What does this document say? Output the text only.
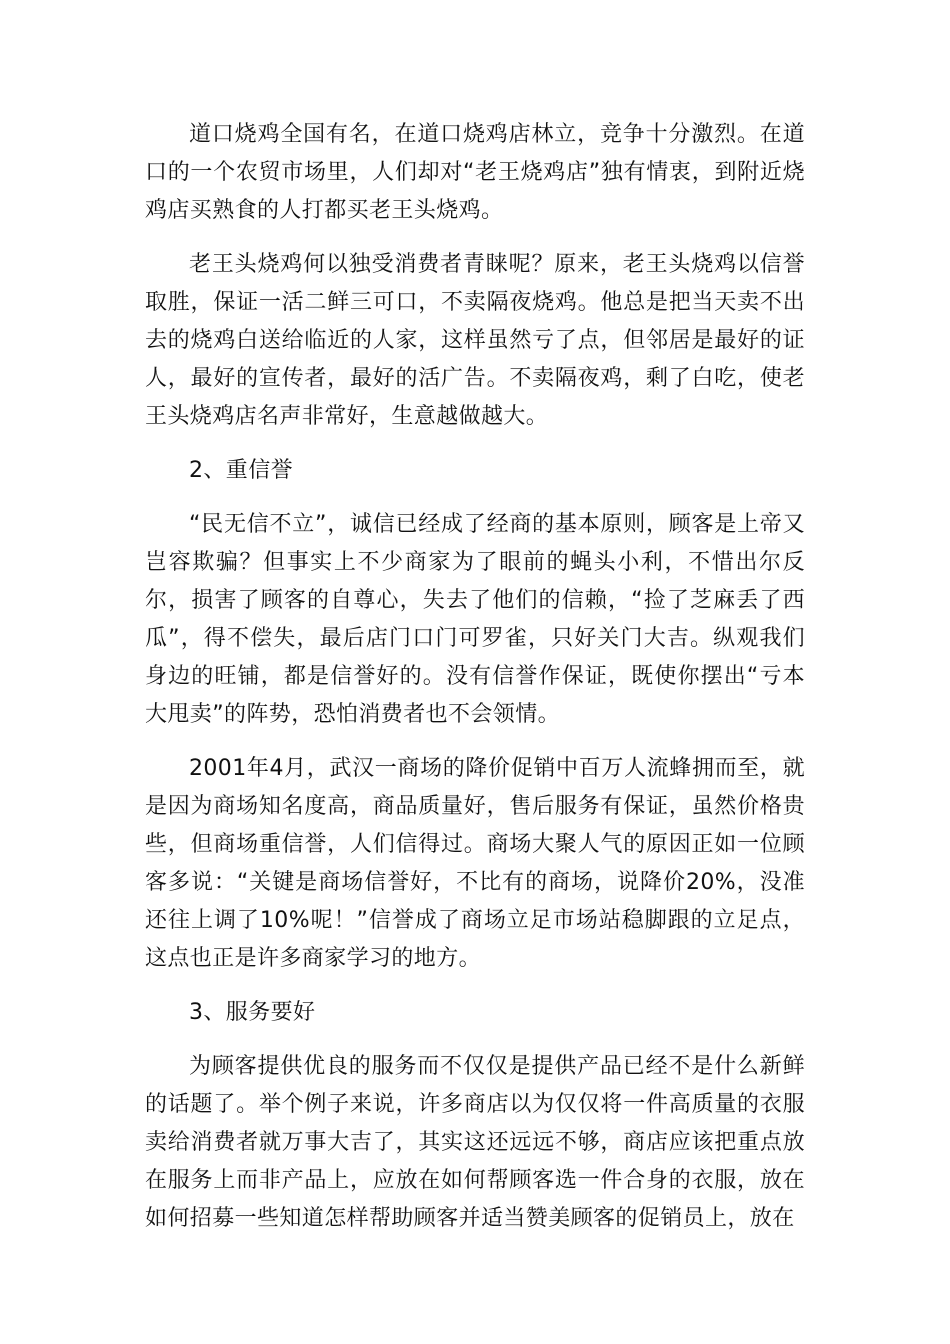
道口烧鸡全国有名，在道口烧鸡店林立，竞争十分激烈。在道口的一个农贸市场里，人们却对“老王烧鸡店”独有情衷，到附近烧鸡店买熟食的人打都买老王头烧鸡。

老王头烧鸡何以独受消费者青睐呢？原来，老王头烧鸡以信誉取胜，保证一活二鲜三可口，不卖隔夜烧鸡。他总是把当天卖不出去的烧鸡白送给临近的人家，这样虽然亏了点，但邻居是最好的证人，最好的宣传者，最好的活广告。不卖隔夜鸡，剩了白吃，使老王头烧鸡店名声非常好，生意越做越大。

2、重信誉

“民无信不立”，诚信已经成了经商的基本原则，顾客是上帝又岂容欺骗？但事实上不少商家为了眼前的蝇头小利，不惜出尔反尔，损害了顾客的自尊心，失去了他们的信赖，“捡了芝麻丢了西瓜”，得不偿失，最后店门口门可罗雀，只好关门大吉。纵观我们身边的旺铺，都是信誉好的。没有信誉作保证，既使你摆出“亏本大甩卖”的阵势，恐怕消费者也不会领情。

2001年4月，武汉一商场的降价促销中百万人流蜂拥而至，就是因为商场知名度高，商品质量好，售后服务有保证，虽然价格贵些，但商场重信誉，人们信得过。商场大聚人气的原因正如一位顾客多说：“关键是商场信誉好，不比有的商场，说降价20%，没准还往上调了10%呢！”信誉成了商场立足市场站稳脚跟的立足点，这点也正是许多商家学习的地方。

3、服务要好

为顾客提供优良的服务而不仅仅是提供产品已经不是什么新鲜的话题了。举个例子来说，许多商店以为仅仅将一件高质量的衣服卖给消费者就万事大吉了，其实这还远远不够，商店应该把重点放在服务上而非产品上，应放在如何帮顾客选一件合身的衣服，放在如何招募一些知道怎样帮助顾客并适当赞美顾客的促销员上，放在
